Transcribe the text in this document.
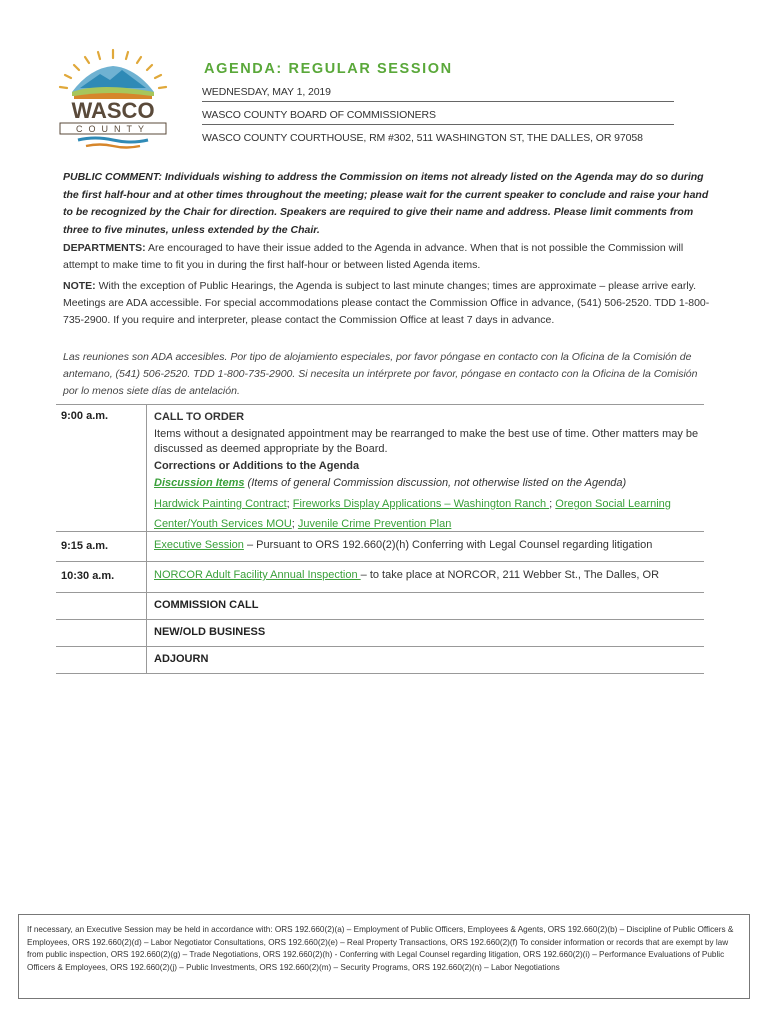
WASCO
COUNTY
AGENDA: REGULAR SESSION
WEDNESDAY, MAY 1, 2019
WASCO COUNTY BOARD OF COMMISSIONERS
WASCO COUNTY COURTHOUSE, RM #302, 511 WASHINGTON ST, THE DALLES, OR 97058
PUBLIC COMMENT: Individuals wishing to address the Commission on items not already listed on the Agenda may do so during the first half-hour and at other times throughout the meeting; please wait for the current speaker to conclude and raise your hand to be recognized by the Chair for direction. Speakers are required to give their name and address. Please limit comments from three to five minutes, unless extended by the Chair.
DEPARTMENTS: Are encouraged to have their issue added to the Agenda in advance. When that is not possible the Commission will attempt to make time to fit you in during the first half-hour or between listed Agenda items.
NOTE: With the exception of Public Hearings, the Agenda is subject to last minute changes; times are approximate – please arrive early. Meetings are ADA accessible. For special accommodations please contact the Commission Office in advance, (541) 506-2520. TDD 1-800-735-2900. If you require and interpreter, please contact the Commission Office at least 7 days in advance.
Las reuniones son ADA accesibles. Por tipo de alojamiento especiales, por favor póngase en contacto con la Oficina de la Comisión de antemano, (541) 506-2520. TDD 1-800-735-2900. Si necesita un intérprete por favor, póngase en contacto con la Oficina de la Comisión por lo menos siete días de antelación.
9:00 a.m.	CALL TO ORDER
Items without a designated appointment may be rearranged to make the best use of time. Other matters may be discussed as deemed appropriate by the Board.
Corrections or Additions to the Agenda
Discussion Items (Items of general Commission discussion, not otherwise listed on the Agenda)
Hardwick Painting Contract; Fireworks Display Applications – Washington Ranch ; Oregon Social Learning Center/Youth Services MOU; Juvenile Crime Prevention Plan
9:15 a.m.	Executive Session – Pursuant to ORS 192.660(2)(h) Conferring with Legal Counsel regarding litigation
10:30 a.m.	NORCOR Adult Facility Annual Inspection – to take place at NORCOR, 211 Webber St., The Dalles, OR
COMMISSION CALL
NEW/OLD BUSINESS
ADJOURN
If necessary, an Executive Session may be held in accordance with: ORS 192.660(2)(a) – Employment of Public Officers, Employees & Agents, ORS 192.660(2)(b) – Discipline of Public Officers & Employees, ORS 192.660(2)(d) – Labor Negotiator Consultations, ORS 192.660(2)(e) – Real Property Transactions, ORS 192.660(2)(f) To consider information or records that are exempt by law from public inspection, ORS 192.660(2)(g) – Trade Negotiations, ORS 192.660(2)(h) - Conferring with Legal Counsel regarding litigation, ORS 192.660(2)(i) – Performance Evaluations of Public Officers & Employees, ORS 192.660(2)(j) – Public Investments, ORS 192.660(2)(m) – Security Programs, ORS 192.660(2)(n) – Labor Negotiations
